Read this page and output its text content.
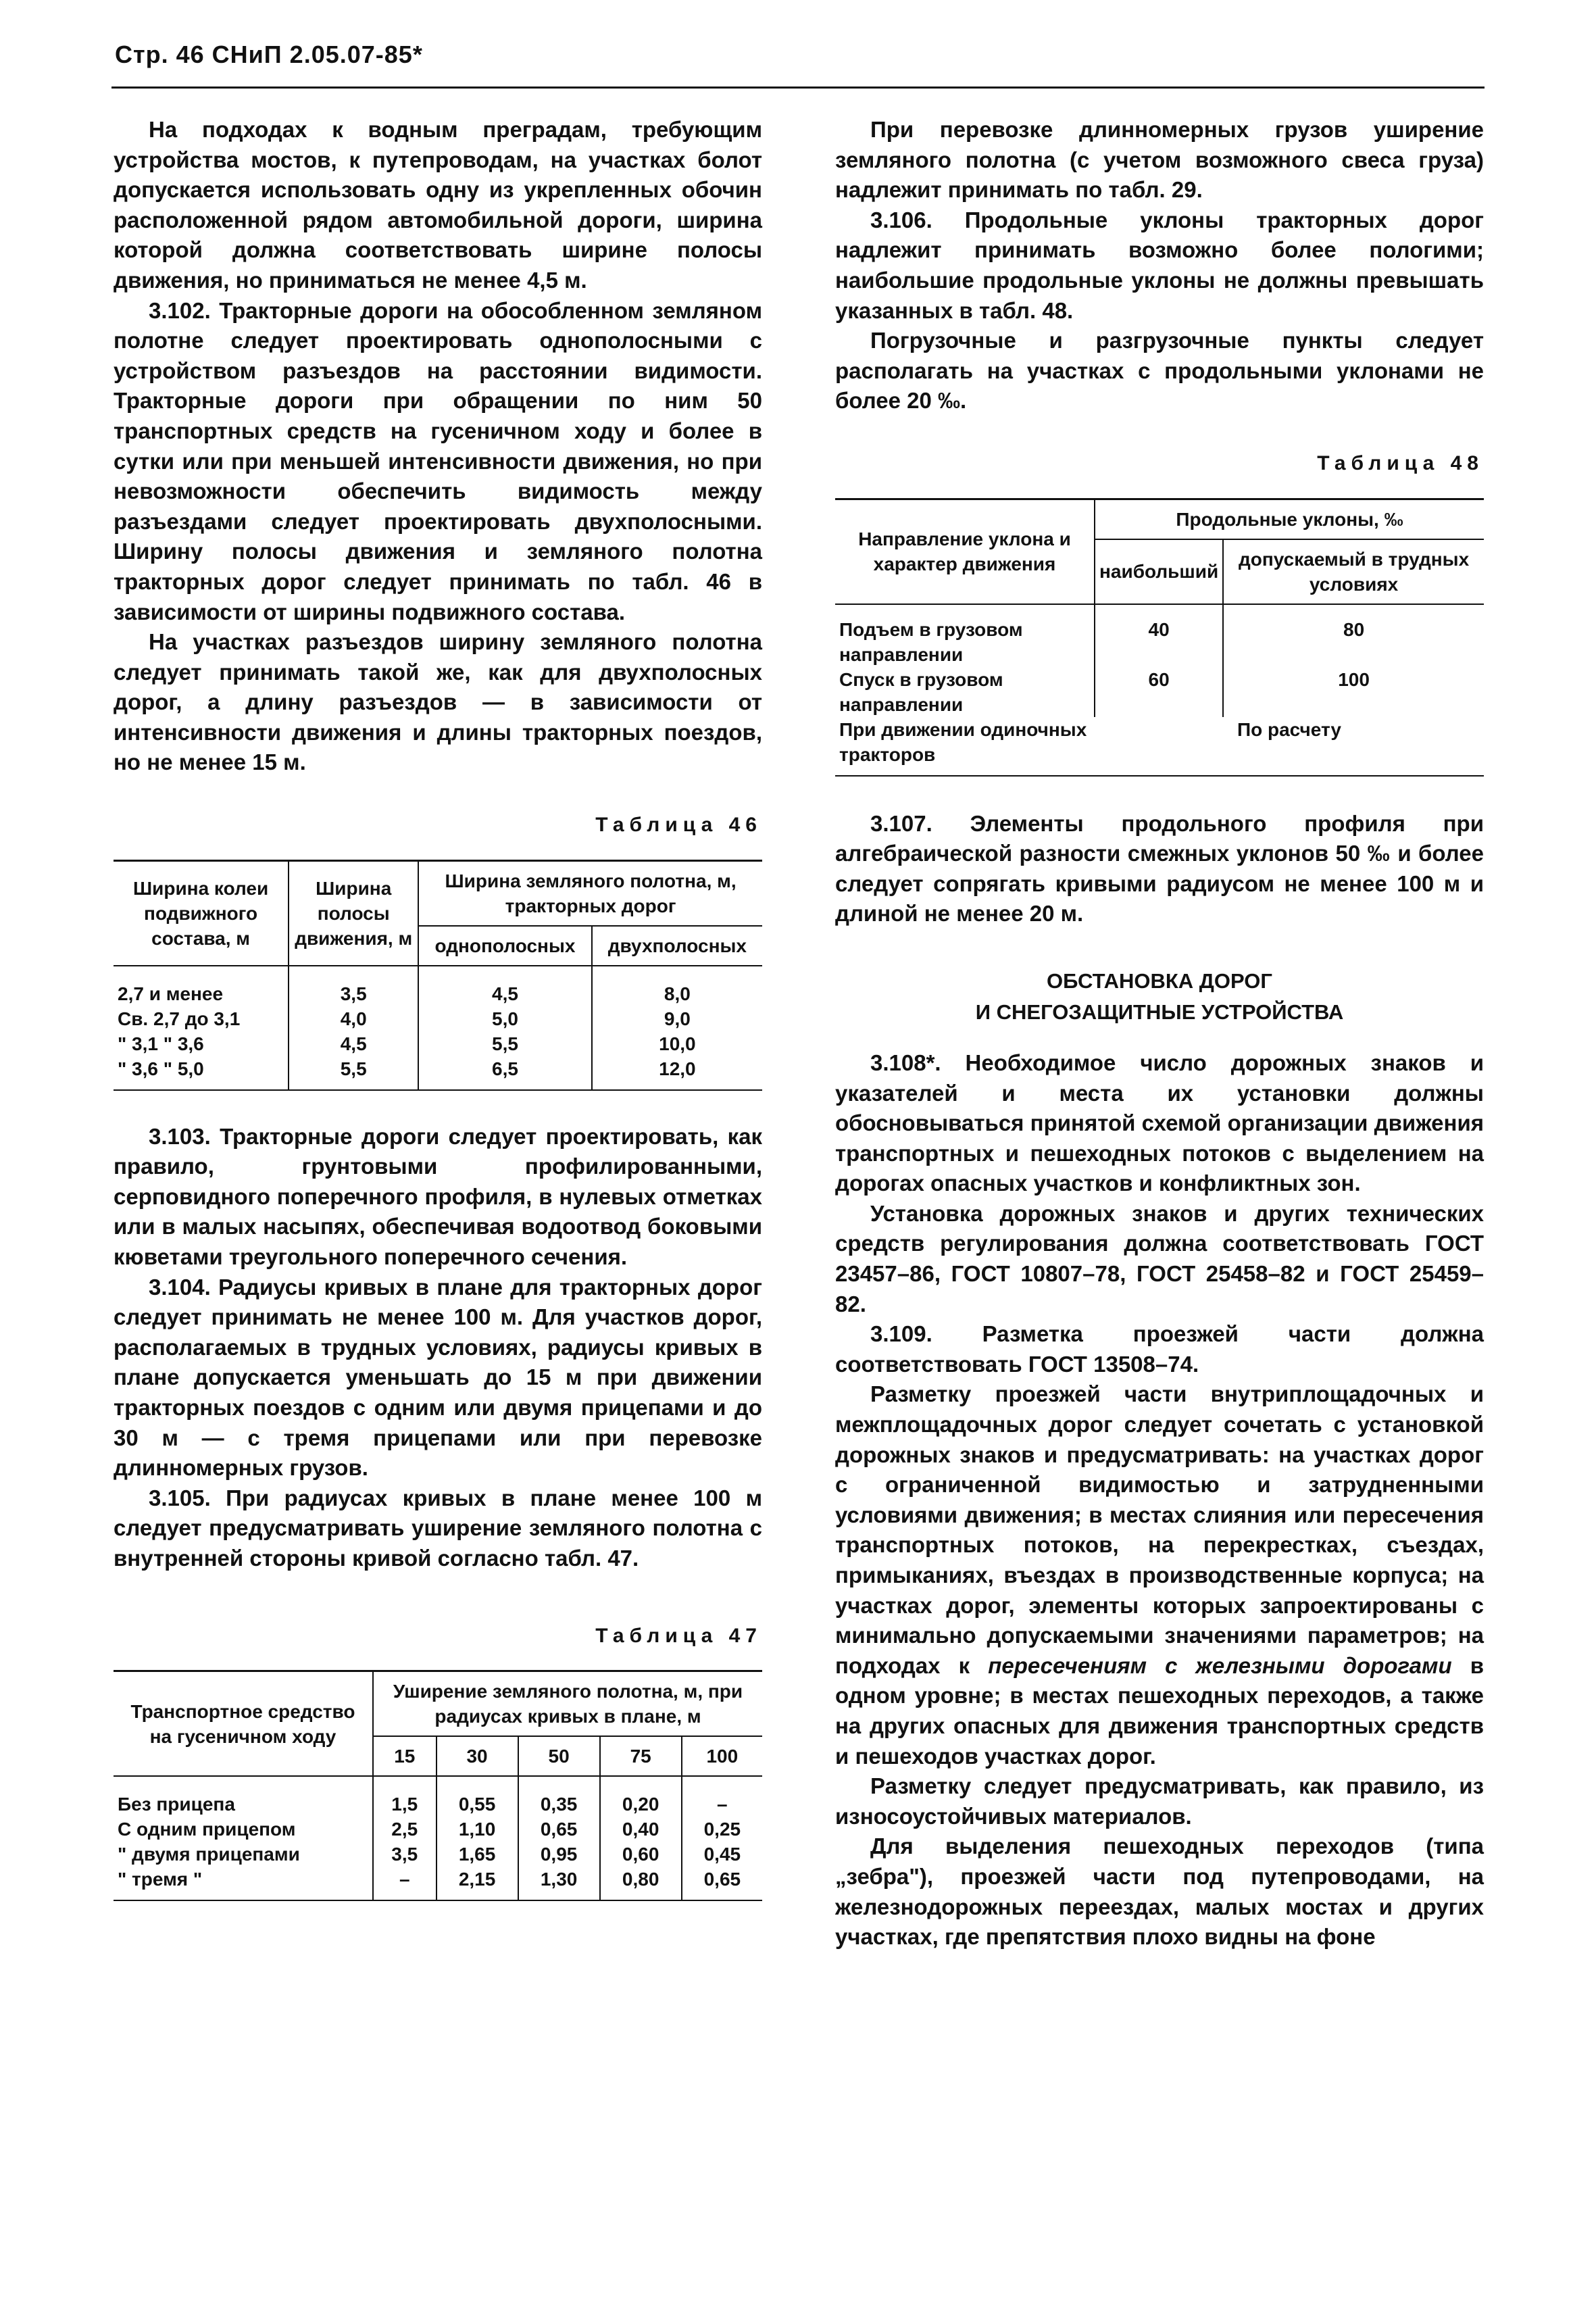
Стр. 46 СНиП 2.05.07-85*

На подходах к водным преградам, требующим устройства мостов, к путепроводам, на участках болот допускается использовать одну из укрепленных обочин расположенной рядом автомобильной дороги, ширина которой должна соответствовать ширине полосы движения, но приниматься не менее 4,5 м.

3.102. Тракторные дороги на обособленном земляном полотне следует проектировать однополосными с устройством разъездов на расстоянии видимости. Тракторные дороги при обращении по ним 50 транспортных средств на гусеничном ходу и более в сутки или при меньшей интенсивности движения, но при невозможности обеспечить видимость между разъездами следует проектировать двухполосными. Ширину полосы движения и земляного полотна тракторных дорог следует принимать по табл. 46 в зависимости от ширины подвижного состава.

На участках разъездов ширину земляного полотна следует принимать такой же, как для двухполосных дорог, а длину разъездов — в зависимости от интенсивности движения и длины тракторных поездов, но не менее 15 м.

Таблица 46
Ширина колеи подвижного состава, м	Ширина полосы движения, м	Ширина земляного полотна, м, тракторных дорог	
		однополосных	двухполосных
2,7 и менее	3,5	4,5	8,0
Св. 2,7 до 3,1	4,0	5,0	9,0
" 3,1 " 3,6	4,5	5,5	10,0
" 3,6 " 5,0	5,5	6,5	12,0

3.103. Тракторные дороги следует проектировать, как правило, грунтовыми профилированными, серповидного поперечного профиля, в нулевых отметках или в малых насыпях, обеспечивая водоотвод боковыми кюветами треугольного поперечного сечения.

3.104. Радиусы кривых в плане для тракторных дорог следует принимать не менее 100 м. Для участков дорог, располагаемых в трудных условиях, радиусы кривых в плане допускается уменьшать до 15 м при движении тракторных поездов с одним или двумя прицепами и до 30 м — с тремя прицепами или при перевозке длинномерных грузов.

3.105. При радиусах кривых в плане менее 100 м следует предусматривать уширение земляного полотна с внутренней стороны кривой согласно табл. 47.

Таблица 47
Транспортное средство на гусеничном ходу	Уширение земляного полотна, м, при радиусах кривых в плане, м				
	15	30	50	75	100
Без прицепа	1,5	0,55	0,35	0,20	–
С одним прицепом	2,5	1,10	0,65	0,40	0,25
" двумя прицепами	3,5	1,65	0,95	0,60	0,45
" тремя "	–	2,15	1,30	0,80	0,65

При перевозке длинномерных грузов уширение земляного полотна (с учетом возможного свеса груза) надлежит принимать по табл. 29.

3.106. Продольные уклоны тракторных дорог надлежит принимать возможно более пологими; наибольшие продольные уклоны не должны превышать указанных в табл. 48.

Погрузочные и разгрузочные пункты следует располагать на участках с продольными уклонами не более 20 ‰.

Таблица 48
Направление уклона и характер движения	Продольные уклоны, ‰	
	наибольший	допускаемый в трудных условиях
Подъем в грузовом направлении	40	80
Спуск в грузовом направлении	60	100
При движении одиночных тракторов	По расчету	

3.107. Элементы продольного профиля при алгебраической разности смежных уклонов 50 ‰ и более следует сопрягать кривыми радиусом не менее 100 м и длиной не менее 20 м.

ОБСТАНОВКА ДОРОГ
И СНЕГОЗАЩИТНЫЕ УСТРОЙСТВА

3.108*. Необходимое число дорожных знаков и указателей и места их установки должны обосновываться принятой схемой организации движения транспортных и пешеходных потоков с выделением на дорогах опасных участков и конфликтных зон.

Установка дорожных знаков и других технических средств регулирования должна соответствовать ГОСТ 23457–86, ГОСТ 10807–78, ГОСТ 25458–82 и ГОСТ 25459–82.

3.109. Разметка проезжей части должна соответствовать ГОСТ 13508–74.

Разметку проезжей части внутриплощадочных и межплощадочных дорог следует сочетать с установкой дорожных знаков и предусматривать: на участках дорог с ограниченной видимостью и затрудненными условиями движения; в местах слияния или пересечения транспортных потоков, на перекрестках, съездах, примыканиях, въездах в производственные корпуса; на участках дорог, элементы которых запроектированы с минимально допускаемыми значениями параметров; на подходах к пересечениям с железными дорогами в одном уровне; в местах пешеходных переходов, а также на других опасных для движения транспортных средств и пешеходов участках дорог.

Разметку следует предусматривать, как правило, из износоустойчивых материалов.

Для выделения пешеходных переходов (типа „зебра"), проезжей части под путепроводами, на железнодорожных переездах, малых мостах и других участках, где препятствия плохо видны на фоне
